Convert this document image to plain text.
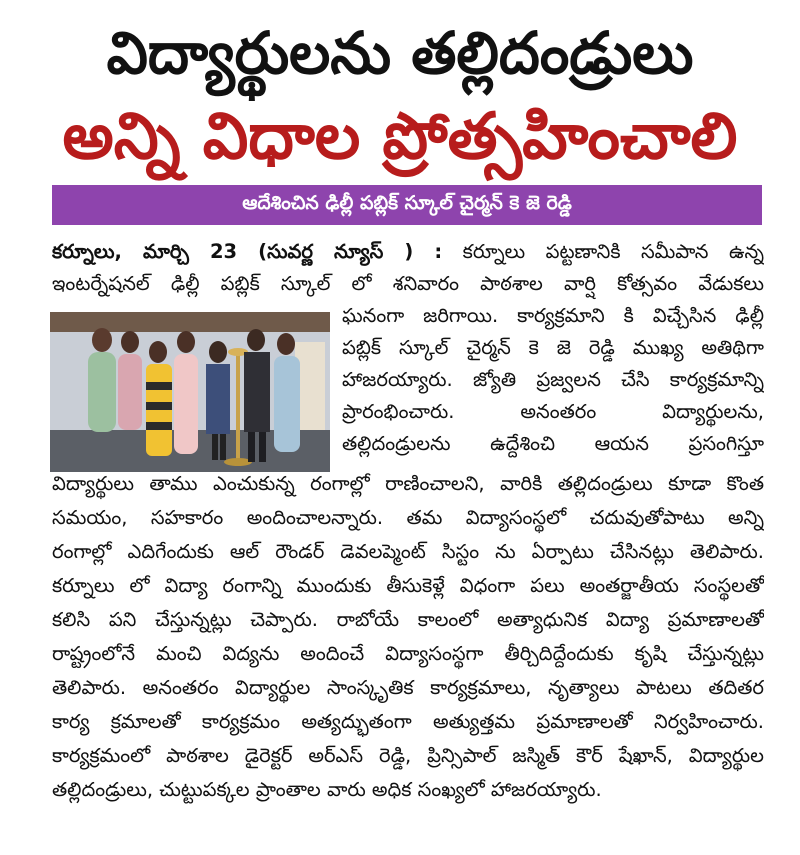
విద్యార్థులను తల్లిదండ్రులు
అన్ని విధాల ప్రోత్సహించాలి
ఆదేశించిన ఢిల్లీ పబ్లిక్ స్కూల్ చైర్మన్ కె జె రెడ్డి
కర్నూలు, మార్చి 23 (సువర్ణ న్యూస్ ) : కర్నూలు పట్టణానికి సమీపాన ఉన్న
ఇంటర్నేషనల్ ఢిల్లీ పబ్లిక్ స్కూల్ లో శనివారం పాఠశాల వార్షి కోత్సవం వేడుకలు
ఘనంగా జరిగాయి. కార్యక్రమాని కి విచ్చేసిన ఢిల్లీ
పబ్లిక్ స్కూల్ చైర్మన్ కె జె రెడ్డి ముఖ్య అతిథిగా
హాజరయ్యారు. జ్యోతి ప్రజ్వలన చేసి కార్యక్రమాన్ని
ప్రారంభించారు. అనంతరం విద్యార్థులను,
తల్లిదండ్రులను ఉద్దేశించి ఆయన ప్రసంగిస్తూ
విద్యార్థులు తాము ఎంచుకున్న రంగాల్లో రాణించాలని, వారికి తల్లిదండ్రులు కూడా కొంత
సమయం, సహకారం అందించాలన్నారు. తమ విద్యాసంస్థలో చదువుతోపాటు అన్ని
రంగాల్లో ఎదిగేందుకు ఆల్ రౌండర్ డెవలప్మెంట్ సిస్టం ను ఏర్పాటు చేసినట్లు తెలిపారు.
కర్నూలు లో విద్యా రంగాన్ని ముందుకు తీసుకెళ్లే విధంగా పలు అంతర్జాతీయ సంస్థలతో
కలిసి పని చేస్తున్నట్లు చెప్పారు. రాబోయే కాలంలో అత్యాధునిక విద్యా ప్రమాణాలతో
రాష్ట్రంలోనే మంచి విద్యను అందించే విద్యాసంస్థగా తీర్చిదిద్దేందుకు కృషి చేస్తున్నట్లు
తెలిపారు. అనంతరం విద్యార్థుల సాంస్కృతిక కార్యక్రమాలు, నృత్యాలు పాటలు తదితర
కార్య క్రమాలతో కార్యక్రమం అత్యద్భుతంగా అత్యుత్తమ ప్రమాణాలతో నిర్వహించారు.
కార్యక్రమంలో పాఠశాల డైరెక్టర్ అర్ఎస్ రెడ్డి, ప్రిన్సిపాల్ జస్మిత్ కౌర్ షేఖాన్, విద్యార్థుల
తల్లిదండ్రులు, చుట్టుపక్కల ప్రాంతాల వారు అధిక సంఖ్యలో హాజరయ్యారు.
